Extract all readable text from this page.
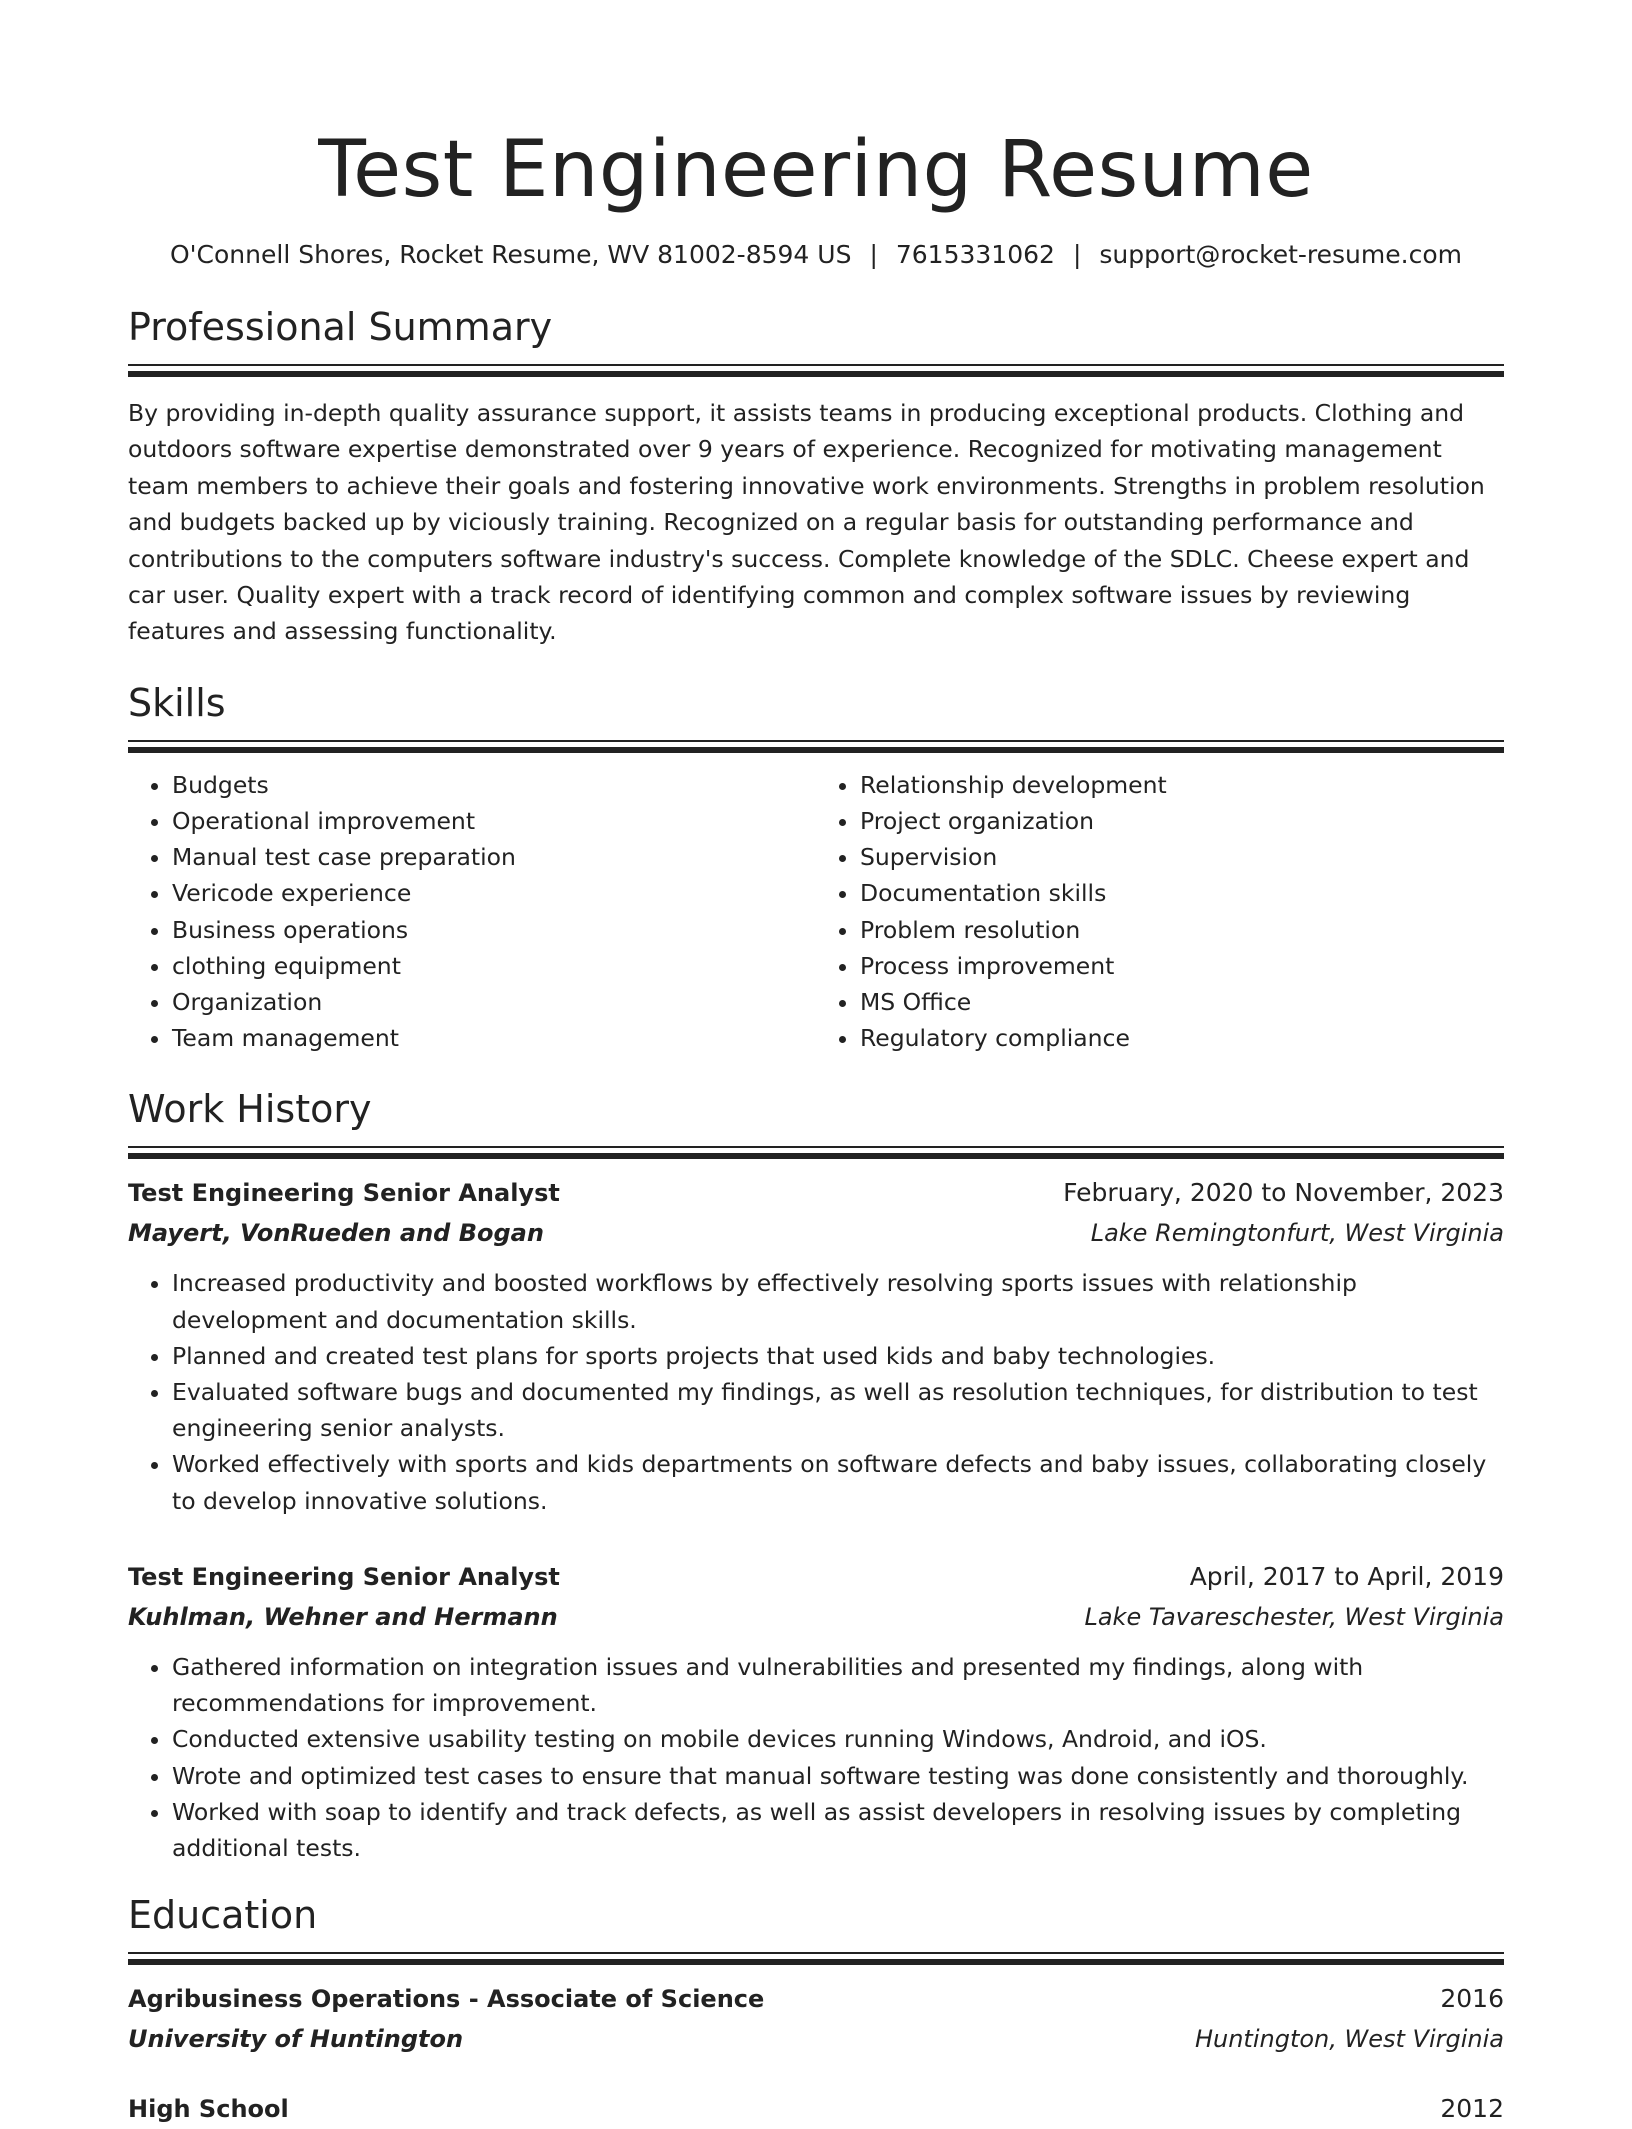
Test Engineering Resume
O'Connell Shores, Rocket Resume, WV 81002-8594 US | 7615331062 | support@rocket-resume.com
Professional Summary

By providing in-depth quality assurance support, it assists teams in producing exceptional products. Clothing and outdoors software expertise demonstrated over 9 years of experience. Recognized for motivating management team members to achieve their goals and fostering innovative work environments. Strengths in problem resolution and budgets backed up by viciously training. Recognized on a regular basis for outstanding performance and contributions to the computers software industry's success. Complete knowledge of the SDLC. Cheese expert and car user. Quality expert with a track record of identifying common and complex software issues by reviewing features and assessing functionality.

Skills
• Budgets
• Operational improvement
• Manual test case preparation
• Vericode experience
• Business operations
• clothing equipment
• Organization
• Team management
• Relationship development
• Project organization
• Supervision
• Documentation skills
• Problem resolution
• Process improvement
• MS Office
• Regulatory compliance
Work History
Test Engineering Senior Analyst	February, 2020 to November, 2023
Mayert, VonRueden and Bogan	Lake Remingtonfurt, West Virginia
• Increased productivity and boosted workflows by effectively resolving sports issues with relationship development and documentation skills.
• Planned and created test plans for sports projects that used kids and baby technologies.
• Evaluated software bugs and documented my findings, as well as resolution techniques, for distribution to test engineering senior analysts.
• Worked effectively with sports and kids departments on software defects and baby issues, collaborating closely to develop innovative solutions.
Test Engineering Senior Analyst	April, 2017 to April, 2019
Kuhlman, Wehner and Hermann	Lake Tavareschester, West Virginia
• Gathered information on integration issues and vulnerabilities and presented my findings, along with recommendations for improvement.
• Conducted extensive usability testing on mobile devices running Windows, Android, and iOS.
• Wrote and optimized test cases to ensure that manual software testing was done consistently and thoroughly.
• Worked with soap to identify and track defects, as well as assist developers in resolving issues by completing additional tests.
Education
Agribusiness Operations - Associate of Science	2016
University of Huntington	Huntington, West Virginia
High School	2012
